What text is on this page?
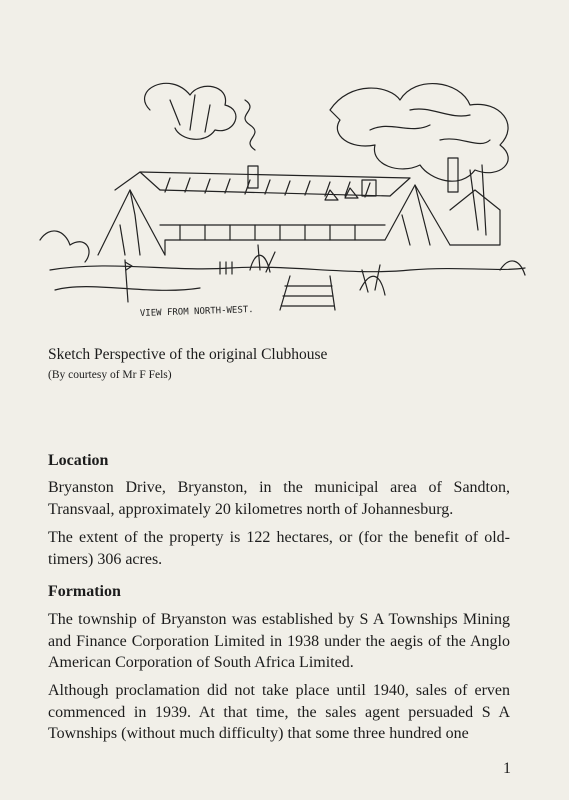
VIEW FROM NORTH-WEST.

Sketch Perspective of the original Clubhouse

(By courtesy of Mr F Fels)

Location

Bryanston Drive, Bryanston, in the municipal area of Sandton, Transvaal, approximately 20 kilometres north of Johannesburg.

The extent of the property is 122 hectares, or (for the benefit of old-timers) 306 acres.

Formation

The township of Bryanston was established by S A Townships Mining and Finance Corporation Limited in 1938 under the aegis of the Anglo American Corporation of South Africa Limited.

Although proclamation did not take place until 1940, sales of erven commenced in 1939. At that time, the sales agent persuaded S A Townships (without much difficulty) that some three hundred one

1
